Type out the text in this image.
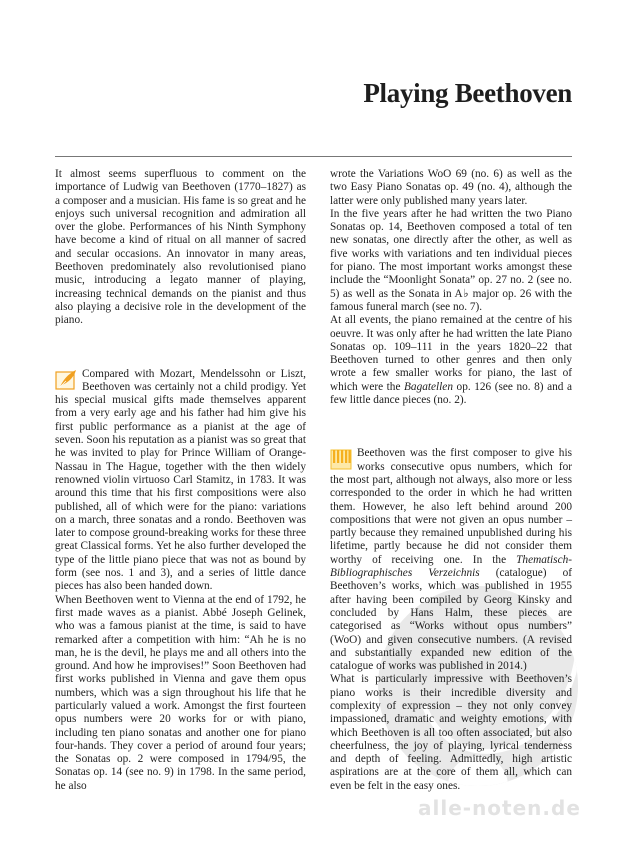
alle-noten.de
Playing Beethoven

It almost seems superfluous to comment on the importance of Ludwig van Beethoven (1770–1827) as a composer and a musician. His fame is so great and he enjoys such universal recognition and admiration all over the globe. Performances of his Ninth Symphony have become a kind of ritual on all manner of sacred and secular occasions. An innovator in many areas, Beethoven predominately also revolutionised piano music, introducing a legato manner of playing, increasing technical demands on the pianist and thus also playing a decisive role in the development of the piano.

Compared with Mozart, Mendelssohn or Liszt, Beethoven was certainly not a child prodigy. Yet his special musical gifts made themselves apparent from a very early age and his father had him give his first public performance as a pianist at the age of seven. Soon his reputation as a pianist was so great that he was invited to play for Prince William of Orange-Nassau in The Hague, together with the then widely renowned violin virtuoso Carl Stamitz, in 1783. It was around this time that his first compositions were also published, all of which were for the piano: variations on a march, three sonatas and a rondo. Beethoven was later to compose ground-breaking works for these three great Classical forms. Yet he also further developed the type of the little piano piece that was not as bound by form (see nos. 1 and 3), and a series of little dance pieces has also been handed down.

When Beethoven went to Vienna at the end of 1792, he first made waves as a pianist. Abbé Joseph Gelinek, who was a famous pianist at the time, is said to have remarked after a competition with him: “Ah he is no man, he is the devil, he plays me and all others into the ground. And how he improvises!” Soon Beethoven had first works published in Vienna and gave them opus numbers, which was a sign throughout his life that he particularly valued a work. Amongst the first fourteen opus numbers were 20 works for or with piano, including ten piano sonatas and another one for piano four-hands. They cover a period of around four years; the Sonatas op. 2 were composed in 1794/95, the Sonatas op. 14 (see no. 9) in 1798. In the same period, he also

wrote the Variations WoO 69 (no. 6) as well as the two Easy Piano Sonatas op. 49 (no. 4), although the latter were only published many years later.

In the five years after he had written the two Piano Sonatas op. 14, Beethoven composed a total of ten new sonatas, one directly after the other, as well as five works with variations and ten individual pieces for piano. The most important works amongst these include the “Moonlight Sonata” op. 27 no. 2 (see no. 5) as well as the Sonata in A♭ major op. 26 with the famous funeral march (see no. 7).

At all events, the piano remained at the centre of his oeuvre. It was only after he had written the late Piano Sonatas op. 109–111 in the years 1820–22 that Beethoven turned to other genres and then only wrote a few smaller works for piano, the last of which were the Bagatellen op. 126 (see no. 8) and a few little dance pieces (no. 2).

Beethoven was the first composer to give his works consecutive opus numbers, which for the most part, although not always, also more or less corresponded to the order in which he had written them. However, he also left behind around 200 compositions that were not given an opus number – partly because they remained unpublished during his lifetime, partly because he did not consider them worthy of receiving one. In the Thematisch-Bibliographisches Verzeichnis (catalogue) of Beethoven’s works, which was published in 1955 after having been compiled by Georg Kinsky and concluded by Hans Halm, these pieces are categorised as “Works without opus numbers” (WoO) and given consecutive numbers. (A revised and substantially expanded new edition of the catalogue of works was published in 2014.)

What is particularly impressive with Beethoven’s piano works is their incredible diversity and complexity of expression – they not only convey impassioned, dramatic and weighty emotions, with which Beethoven is all too often associated, but also cheerfulness, the joy of playing, lyrical tenderness and depth of feeling. Admittedly, high artistic aspirations are at the core of them all, which can even be felt in the easy ones.
